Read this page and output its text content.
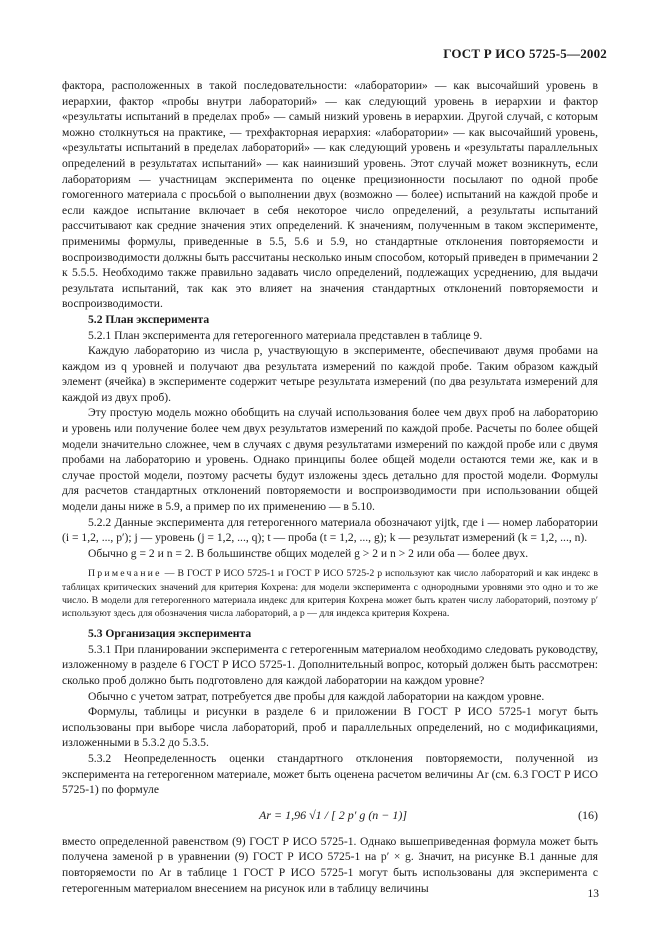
ГОСТ Р ИСО 5725-5—2002

фактора, расположенных в такой последовательности: «лаборатории» — как высочайший уровень в иерархии, фактор «пробы внутри лабораторий» — как следующий уровень в иерархии и фактор «результаты испытаний в пределах проб» — самый низкий уровень в иерархии. Другой случай, с которым можно столкнуться на практике, — трехфакторная иерархия: «лаборатории» — как высочайший уровень, «результаты испытаний в пределах лабораторий» — как следующий уровень и «результаты параллельных определений в результатах испытаний» — как наинизший уровень. Этот случай может возникнуть, если лабораториям — участницам эксперимента по оценке прецизионности посылают по одной пробе гомогенного материала с просьбой о выполнении двух (возможно — более) испытаний на каждой пробе и если каждое испытание включает в себя некоторое число определений, а результаты испытаний рассчитывают как средние значения этих определений. К значениям, полученным в таком эксперименте, применимы формулы, приведенные в 5.5, 5.6 и 5.9, но стандартные отклонения повторяемости и воспроизводимости должны быть рассчитаны несколько иным способом, который приведен в примечании 2 к 5.5.5. Необходимо также правильно задавать число определений, подлежащих усреднению, для выдачи результата испытаний, так как это влияет на значения стандартных отклонений повторяемости и воспроизводимости.

5.2 План эксперимента

5.2.1 План эксперимента для гетерогенного материала представлен в таблице 9.

Каждую лабораторию из числа p, участвующую в эксперименте, обеспечивают двумя пробами на каждом из q уровней и получают два результата измерений по каждой пробе. Таким образом каждый элемент (ячейка) в эксперименте содержит четыре результата измерений (по два результата измерений для каждой из двух проб).

Эту простую модель можно обобщить на случай использования более чем двух проб на лабораторию и уровень или получение более чем двух результатов измерений по каждой пробе. Расчеты по более общей модели значительно сложнее, чем в случаях с двумя результатами измерений по каждой пробе или с двумя пробами на лабораторию и уровень. Однако принципы более общей модели остаются теми же, как и в случае простой модели, поэтому расчеты будут изложены здесь детально для простой модели. Формулы для расчетов стандартных отклонений повторяемости и воспроизводимости при использовании общей модели даны ниже в 5.9, а пример по их применению — в 5.10.

5.2.2 Данные эксперимента для гетерогенного материала обозначают yijtk, где i — номер лаборатории (i = 1,2, ..., p′); j — уровень (j = 1,2, ..., q); t — проба (t = 1,2, ..., g); k — результат измерений (k = 1,2, ..., n).

Обычно g = 2 и n = 2. В большинстве общих моделей g > 2 и n > 2 или оба — более двух.

Примечание — В ГОСТ Р ИСО 5725-1 и ГОСТ Р ИСО 5725-2 p используют как число лабораторий и как индекс в таблицах критических значений для критерия Кохрена: для модели эксперимента с однородными уровнями это одно и то же число. В модели для гетерогенного материала индекс для критерия Кохрена может быть кратен числу лабораторий, поэтому p′ используют здесь для обозначения числа лабораторий, а p — для индекса критерия Кохрена.

5.3 Организация эксперимента

5.3.1 При планировании эксперимента с гетерогенным материалом необходимо следовать руководству, изложенному в разделе 6 ГОСТ Р ИСО 5725-1. Дополнительный вопрос, который должен быть рассмотрен: сколько проб должно быть подготовлено для каждой лаборатории на каждом уровне?

Обычно с учетом затрат, потребуется две пробы для каждой лаборатории на каждом уровне.

Формулы, таблицы и рисунки в разделе 6 и приложении В ГОСТ Р ИСО 5725-1 могут быть использованы при выборе числа лабораторий, проб и параллельных определений, но с модификациями, изложенными в 5.3.2 до 5.3.5.

5.3.2 Неопределенность оценки стандартного отклонения повторяемости, полученной из эксперимента на гетерогенном материале, может быть оценена расчетом величины Ar (см. 6.3 ГОСТ Р ИСО 5725-1) по формуле

Ar = 1,96 √1 / [ 2 p′ g (n − 1)]	(16)

вместо определенной равенством (9) ГОСТ Р ИСО 5725-1. Однако вышеприведенная формула может быть получена заменой p в уравнении (9) ГОСТ Р ИСО 5725-1 на p′ × g. Значит, на рисунке В.1 данные для повторяемости по Ar в таблице 1 ГОСТ Р ИСО 5725-1 могут быть использованы для эксперимента с гетерогенным материалом внесением на рисунок или в таблицу величины	13
